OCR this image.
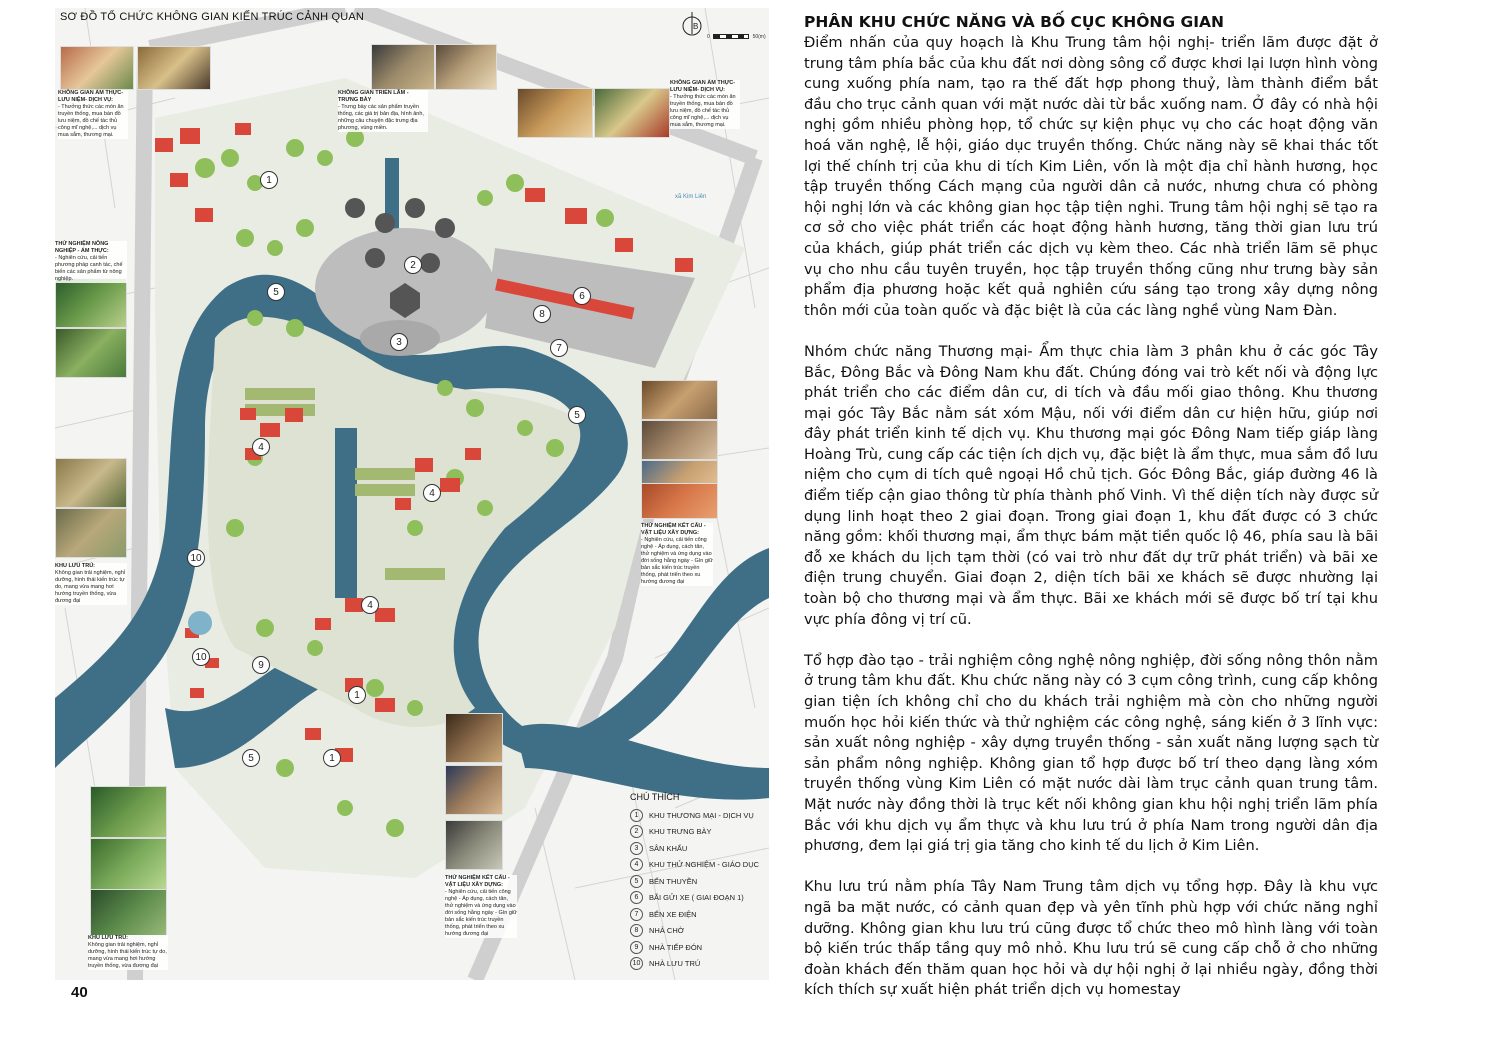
1
2
3
4
4
4
5
5
5
6
7
8
9
10
10
1
1
xã Kim Liên
KHÔNG GIAN ẨM THỰC- LƯU NIỆM- DỊCH VỤ:
- Thưởng thức các món ăn truyền thống, mua bán đồ lưu niệm, đồ chế tác thủ công mĩ nghệ,... dịch vụ mua sắm, thương mại.
KHÔNG GIAN TRIỂN LÃM - TRƯNG BÀY
- Trưng bày các sản phẩm truyền thống, các giá trị bản địa, hình ảnh, những câu chuyện đặc trưng địa phương, vùng miền.
KHÔNG GIAN ẨM THỰC- LƯU NIỆM- DỊCH VỤ:
- Thưởng thức các món ăn truyền thống, mua bán đồ lưu niệm, đồ chế tác thủ công mĩ nghệ,... dịch vụ mua sắm, thương mại.
THỬ NGHIỆM NÔNG NGHIỆP - ẨM THỰC:
- Nghiên cứu, cải tiến phương pháp canh tác, chế biến các sản phẩm từ nông nghiệp.
KHU LƯU TRÚ:
Không gian trải nghiệm, nghỉ dưỡng, hình thái kiến trúc tự do, mang vừa mang hơi hướng truyền thống, vừa đương đại
THỬ NGHIỆM KẾT CẤU - VẬT LIỆU XÂY DỰNG:
- Nghiên cứu, cải tiến công nghệ - Áp dụng, cách tân, thử nghiệm và ứng dụng vào đời sống hằng ngày - Gìn giữ bản sắc kiến trúc truyền thống, phát triển theo xu hướng đương đại
THỬ NGHIỆM KẾT CẤU - VẬT LIỆU XÂY DỰNG:
- Nghiên cứu, cải tiến công nghệ - Áp dụng, cách tân, thử nghiệm và ứng dụng vào đời sống hằng ngày - Gìn giữ bản sắc kiến trúc truyền thống, phát triển theo xu hướng đương đại
KHU LƯU TRÚ:
Không gian trải nghiệm, nghỉ dưỡng, hình thái kiến trúc tự do, mang vừa mang hơi hướng truyền thống, vừa đương đại
SƠ ĐỒ TỔ CHỨC KHÔNG GIAN KIẾN TRÚC CẢNH QUAN
B
0	50(m)
CHÚ THÍCH
1	KHU THƯƠNG MẠI - DỊCH VỤ
2	KHU TRƯNG BÀY
3	SÂN KHẤU
4	KHU THỬ NGHIỆM - GIÁO DỤC
5	BẾN THUYỀN
6	BÃI GỬI XE ( GIAI ĐOẠN 1)
7	BẾN XE ĐIỆN
8	NHÀ CHỜ
9	NHÀ TIẾP ĐÓN
10	NHÀ LƯU TRÚ
40
PHÂN KHU CHỨC NĂNG VÀ BỐ CỤC KHÔNG GIAN

Điểm nhấn của quy hoạch là Khu Trung tâm hội nghị- triển lãm được đặt ở trung tâm phía bắc của khu đất nơi dòng sông cổ được khơi lại lượn hình vòng cung xuống phía nam, tạo ra thế đất hợp phong thuỷ, làm thành điểm bắt đầu cho trục cảnh quan với mặt nước dài từ bắc xuống nam. Ở đây có nhà hội nghị gồm nhiều phòng họp, tổ chức sự kiện phục vụ cho các hoạt động văn hoá văn nghệ, lễ hội, giáo dục truyền thống. Chức năng này sẽ khai thác tốt lợi thế chính trị của khu di tích Kim Liên, vốn là một địa chỉ hành hương, học tập truyền thống Cách mạng của người dân cả nước, nhưng chưa có phòng hội nghị lớn và các không gian học tập tiện nghi. Trung tâm hội nghị sẽ tạo ra cơ sở cho việc phát triển các hoạt động hành hương, tăng thời gian lưu trú của khách, giúp phát triển các dịch vụ kèm theo. Các nhà triển lãm sẽ phục vụ cho nhu cầu tuyên truyền, học tập truyền thống cũng như trưng bày sản phẩm địa phương hoặc kết quả nghiên cứu sáng tạo trong xây dựng nông thôn mới của toàn quốc và đặc biệt là của các làng nghề vùng Nam Đàn.

Nhóm chức năng Thương mại- Ẩm thực chia làm 3 phân khu ở các góc Tây Bắc, Đông Bắc và Đông Nam khu đất. Chúng đóng vai trò kết nối và động lực phát triển cho các điểm dân cư, di tích và đầu mối giao thông. Khu thương mại góc Tây Bắc nằm sát xóm Mậu, nối với điểm dân cư hiện hữu, giúp nơi đây phát triển kinh tế dịch vụ. Khu thương mại góc Đông Nam tiếp giáp làng Hoàng Trù, cung cấp các tiện ích dịch vụ, đặc biệt là ẩm thực, mua sắm đồ lưu niệm cho cụm di tích quê ngoại Hồ chủ tịch. Góc Đông Bắc, giáp đường 46 là điểm tiếp cận giao thông từ phía thành phố Vinh. Vì thế diện tích này được sử dụng linh hoạt theo 2 giai đoạn. Trong giai đoạn 1, khu đất được có 3 chức năng gồm: khối thương mại, ẩm thực bám mặt tiền quốc lộ 46, phía sau là bãi đỗ xe khách du lịch tạm thời (có vai trò như đất dự trữ phát triển) và bãi xe điện trung chuyển. Giai đoạn 2, diện tích bãi xe khách sẽ được nhường lại toàn bộ cho thương mại và ẩm thực. Bãi xe khách mới sẽ được bố trí tại khu vực phía đông vị trí cũ.

Tổ hợp đào tạo - trải nghiệm công nghệ nông nghiệp, đời sống nông thôn nằm ở trung tâm khu đất. Khu chức năng này có 3 cụm công trình, cung cấp không gian tiện ích không chỉ cho du khách trải nghiệm mà còn cho những người muốn học hỏi kiến thức và thử nghiệm các công nghệ, sáng kiến ở 3 lĩnh vực: sản xuất nông nghiệp - xây dựng truyền thống - sản xuất năng lượng sạch từ sản phẩm nông nghiệp. Không gian tổ hợp được bố trí theo dạng làng xóm truyền thống vùng Kim Liên có mặt nước dài làm trục cảnh quan trung tâm. Mặt nước này đồng thời là trục kết nối không gian khu hội nghị triển lãm phía Bắc với khu dịch vụ ẩm thực và khu lưu trú ở phía Nam trong người dân địa phương, đem lại giá trị gia tăng cho kinh tế du lịch ở Kim Liên.

Khu lưu trú nằm phía Tây Nam Trung tâm dịch vụ tổng hợp. Đây là khu vực ngã ba mặt nước, có cảnh quan đẹp và yên tĩnh phù hợp với chức năng nghỉ dưỡng. Không gian khu lưu trú cũng được tổ chức theo mô hình làng với toàn bộ kiến trúc thấp tầng quy mô nhỏ. Khu lưu trú sẽ cung cấp chỗ ở cho những đoàn khách đến thăm quan học hỏi và dự hội nghị ở lại nhiều ngày, đồng thời kích thích sự xuất hiện phát triển dịch vụ homestay
